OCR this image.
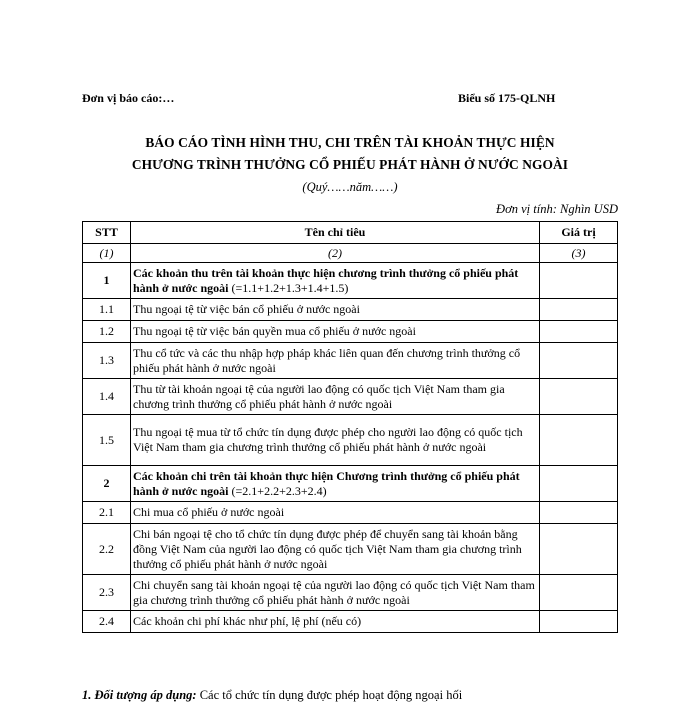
Đơn vị báo cáo:…	Biểu số 175-QLNH
BÁO CÁO TÌNH HÌNH THU, CHI TRÊN TÀI KHOẢN THỰC HIỆN
CHƯƠNG TRÌNH THƯỞNG CỔ PHIẾU PHÁT HÀNH Ở NƯỚC NGOÀI
(Quý……năm……)
Đơn vị tính: Nghìn USD
STT	Tên chỉ tiêu	Giá trị
(1)	(2)	(3)
1	Các khoản thu trên tài khoản thực hiện chương trình thưởng cổ phiếu phát hành ở nước ngoài (=1.1+1.2+1.3+1.4+1.5)	
1.1	Thu ngoại tệ từ việc bán cổ phiếu ở nước ngoài	
1.2	Thu ngoại tệ từ việc bán quyền mua cổ phiếu ở nước ngoài	
1.3	Thu cổ tức và các thu nhập hợp pháp khác liên quan đến chương trình thưởng cổ phiếu phát hành ở nước ngoài	
1.4	Thu từ tài khoản ngoại tệ của người lao động có quốc tịch Việt Nam tham gia chương trình thưởng cổ phiếu phát hành ở nước ngoài	
1.5	Thu ngoại tệ mua từ tổ chức tín dụng được phép cho người lao động có quốc tịch Việt Nam tham gia chương trình thưởng cổ phiếu phát hành ở nước ngoài	
2	Các khoản chi trên tài khoản thực hiện Chương trình thưởng cổ phiếu phát hành ở nước ngoài (=2.1+2.2+2.3+2.4)	
2.1	Chi mua cổ phiếu ở nước ngoài	
2.2	Chi bán ngoại tệ cho tổ chức tín dụng được phép để chuyển sang tài khoản bằng đồng Việt Nam của người lao động có quốc tịch Việt Nam tham gia chương trình thưởng cổ phiếu phát hành ở nước ngoài	
2.3	Chi chuyển sang tài khoản ngoại tệ của người lao động có quốc tịch Việt Nam tham gia chương trình thưởng cổ phiếu phát hành ở nước ngoài	
2.4	Các khoản chi phí khác như phí, lệ phí (nếu có)	
1. Đối tượng áp dụng: Các tổ chức tín dụng được phép hoạt động ngoại hối
